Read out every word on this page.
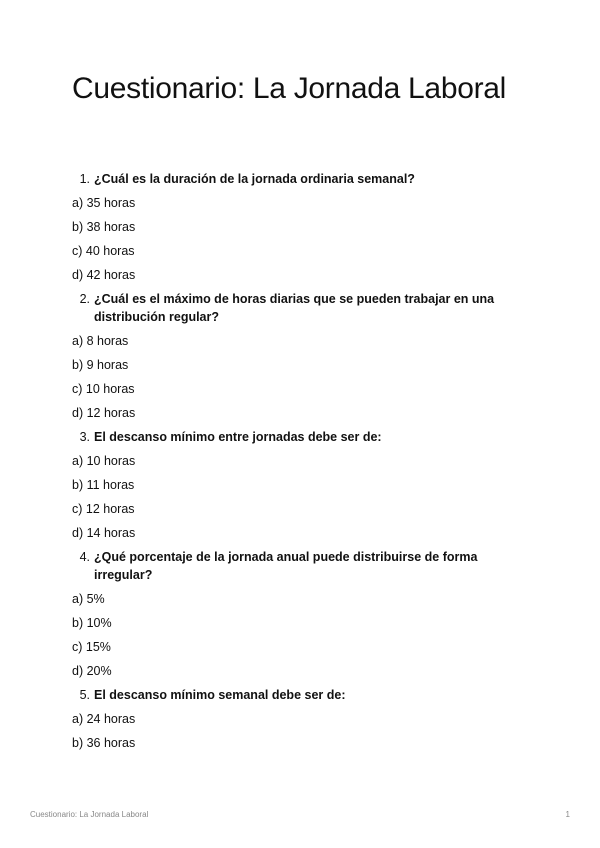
Cuestionario: La Jornada Laboral
1. ¿Cuál es la duración de la jornada ordinaria semanal?
a) 35 horas
b) 38 horas
c) 40 horas
d) 42 horas
2. ¿Cuál es el máximo de horas diarias que se pueden trabajar en una distribución regular?
a) 8 horas
b) 9 horas
c) 10 horas
d) 12 horas
3. El descanso mínimo entre jornadas debe ser de:
a) 10 horas
b) 11 horas
c) 12 horas
d) 14 horas
4. ¿Qué porcentaje de la jornada anual puede distribuirse de forma irregular?
a) 5%
b) 10%
c) 15%
d) 20%
5. El descanso mínimo semanal debe ser de:
a) 24 horas
b) 36 horas
Cuestionario: La Jornada Laboral	1
